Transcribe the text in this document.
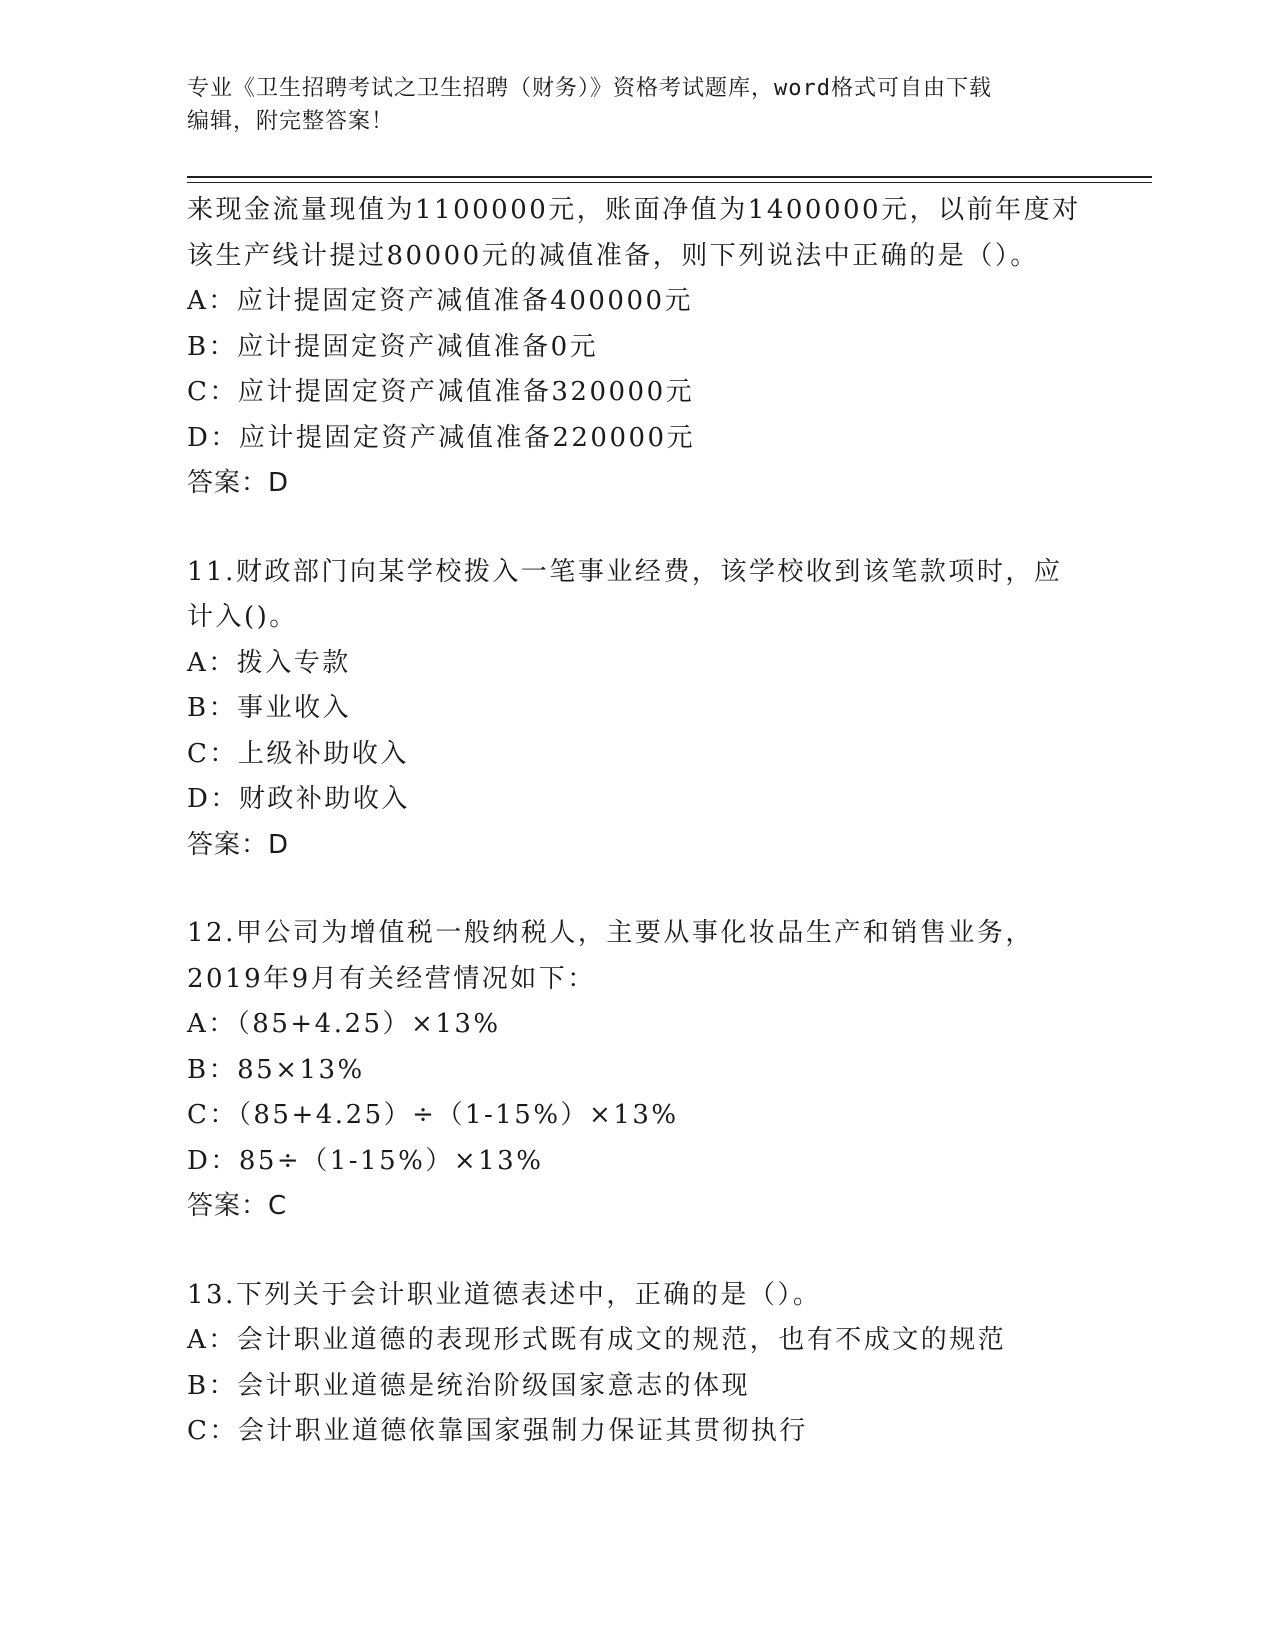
专业《卫生招聘考试之卫生招聘（财务）》资格考试题库，word格式可自由下载
编辑，附完整答案！
来现金流量现值为1100000元，账面净值为1400000元，以前年度对
该生产线计提过80000元的减值准备，则下列说法中正确的是（）。
A：应计提固定资产减值准备400000元
B：应计提固定资产减值准备0元
C：应计提固定资产减值准备320000元
D：应计提固定资产减值准备220000元
答案：D
11.财政部门向某学校拨入一笔事业经费，该学校收到该笔款项时，应
计入()。
A：拨入专款
B：事业收入
C：上级补助收入
D：财政补助收入
答案：D
12.甲公司为增值税一般纳税人，主要从事化妆品生产和销售业务，
2019年9月有关经营情况如下：
A：（85+4.25）×13%
B：85×13%
C：（85+4.25）÷（1-15%）×13%
D：85÷（1-15%）×13%
答案：C
13.下列关于会计职业道德表述中，正确的是（）。
A：会计职业道德的表现形式既有成文的规范，也有不成文的规范
B：会计职业道德是统治阶级国家意志的体现
C：会计职业道德依靠国家强制力保证其贯彻执行
